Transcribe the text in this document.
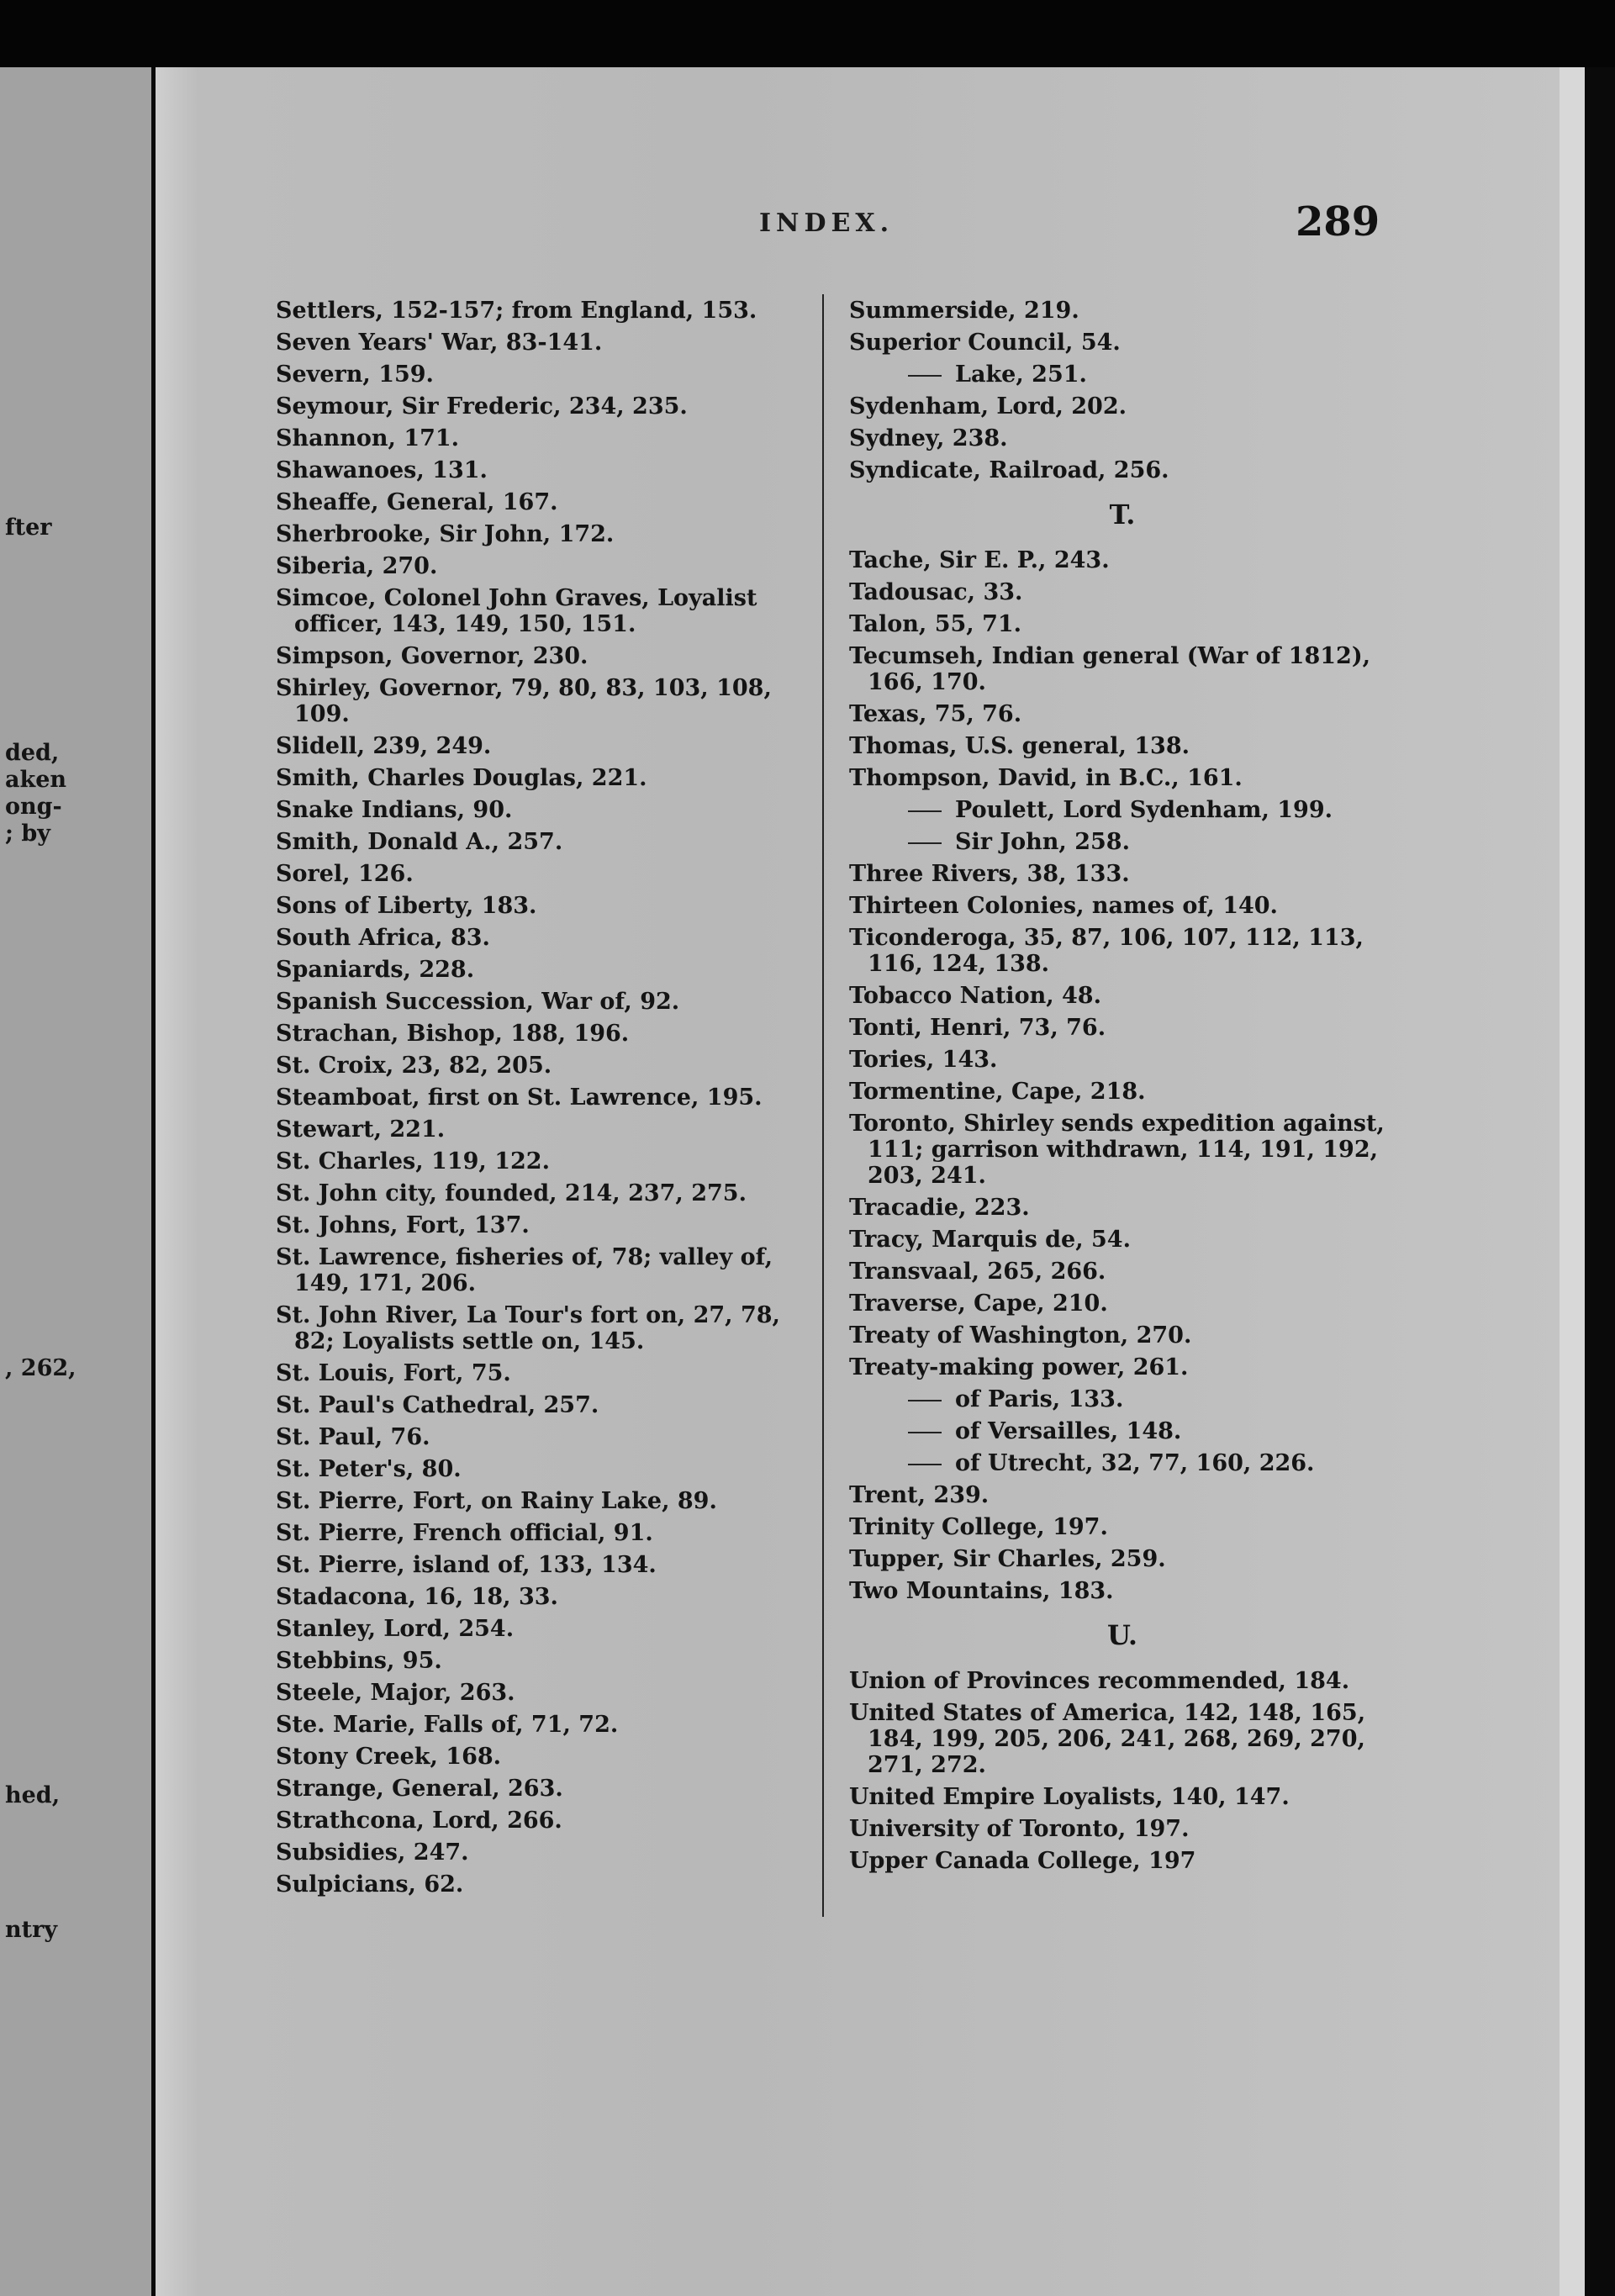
fter
ded,
aken
ong-
; by
, 262,
hed,
ntry
INDEX.	289
Settlers, 152-157; from England, 153.
Seven Years' War, 83-141.
Severn, 159.
Seymour, Sir Frederic, 234, 235.
Shannon, 171.
Shawanoes, 131.
Sheaffe, General, 167.
Sherbrooke, Sir John, 172.
Siberia, 270.
Simcoe, Colonel John Graves, Loyalist officer, 143, 149, 150, 151.
Simpson, Governor, 230.
Shirley, Governor, 79, 80, 83, 103, 108, 109.
Slidell, 239, 249.
Smith, Charles Douglas, 221.
Snake Indians, 90.
Smith, Donald A., 257.
Sorel, 126.
Sons of Liberty, 183.
South Africa, 83.
Spaniards, 228.
Spanish Succession, War of, 92.
Strachan, Bishop, 188, 196.
St. Croix, 23, 82, 205.
Steamboat, first on St. Lawrence, 195.
Stewart, 221.
St. Charles, 119, 122.
St. John city, founded, 214, 237, 275.
St. Johns, Fort, 137.
St. Lawrence, fisheries of, 78; valley of, 149, 171, 206.
St. John River, La Tour's fort on, 27, 78, 82; Loyalists settle on, 145.
St. Louis, Fort, 75.
St. Paul's Cathedral, 257.
St. Paul, 76.
St. Peter's, 80.
St. Pierre, Fort, on Rainy Lake, 89.
St. Pierre, French official, 91.
St. Pierre, island of, 133, 134.
Stadacona, 16, 18, 33.
Stanley, Lord, 254.
Stebbins, 95.
Steele, Major, 263.
Ste. Marie, Falls of, 71, 72.
Stony Creek, 168.
Strange, General, 263.
Strathcona, Lord, 266.
Subsidies, 247.
Sulpicians, 62.
Summerside, 219.
Superior Council, 54.
Lake, 251.
Sydenham, Lord, 202.
Sydney, 238.
Syndicate, Railroad, 256.
T.
Tache, Sir E. P., 243.
Tadousac, 33.
Talon, 55, 71.
Tecumseh, Indian general (War of 1812), 166, 170.
Texas, 75, 76.
Thomas, U.S. general, 138.
Thompson, David, in B.C., 161.
Poulett, Lord Sydenham, 199.
Sir John, 258.
Three Rivers, 38, 133.
Thirteen Colonies, names of, 140.
Ticonderoga, 35, 87, 106, 107, 112, 113, 116, 124, 138.
Tobacco Nation, 48.
Tonti, Henri, 73, 76.
Tories, 143.
Tormentine, Cape, 218.
Toronto, Shirley sends expedition against, 111; garrison withdrawn, 114, 191, 192, 203, 241.
Tracadie, 223.
Tracy, Marquis de, 54.
Transvaal, 265, 266.
Traverse, Cape, 210.
Treaty of Washington, 270.
Treaty-making power, 261.
of Paris, 133.
of Versailles, 148.
of Utrecht, 32, 77, 160, 226.
Trent, 239.
Trinity College, 197.
Tupper, Sir Charles, 259.
Two Mountains, 183.
U.
Union of Provinces recommended, 184.
United States of America, 142, 148, 165, 184, 199, 205, 206, 241, 268, 269, 270, 271, 272.
United Empire Loyalists, 140, 147.
University of Toronto, 197.
Upper Canada College, 197
